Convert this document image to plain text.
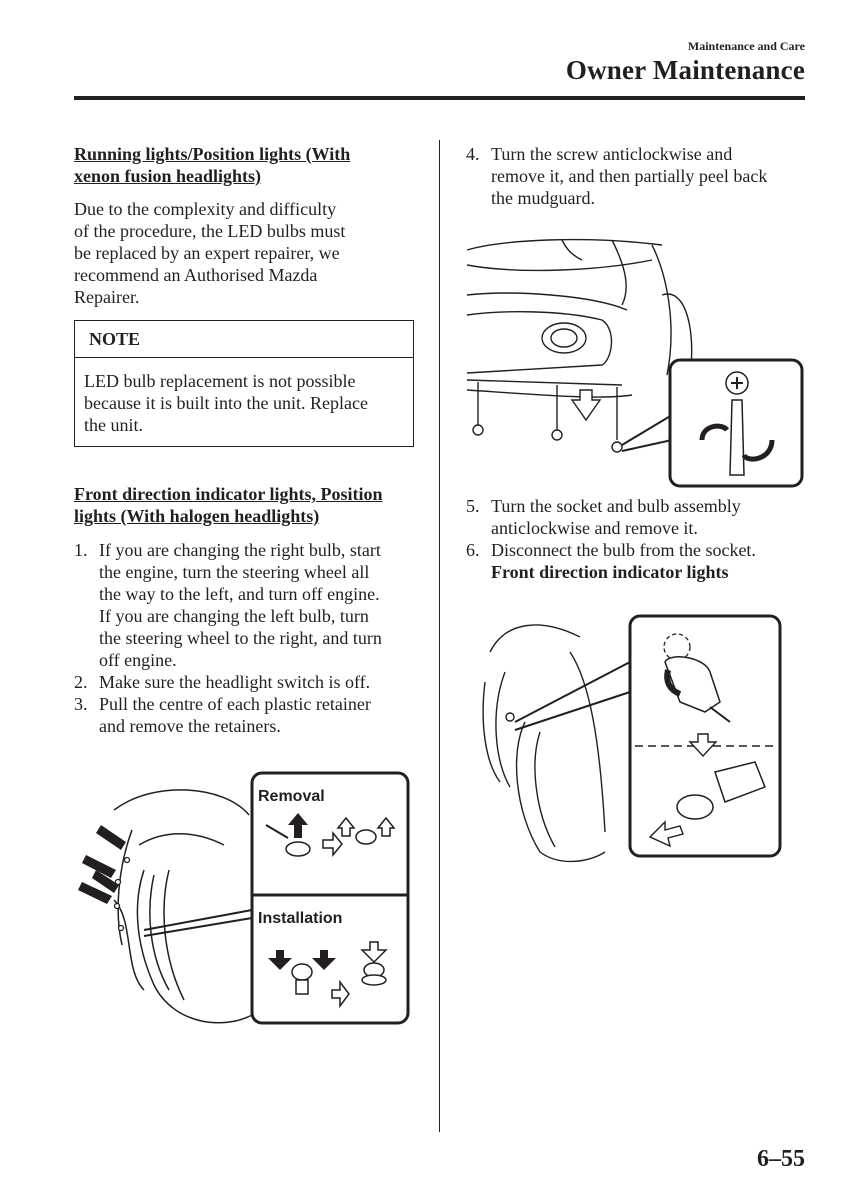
Maintenance and Care
Owner Maintenance
Running lights/Position lights (With
xenon fusion headlights)
Due to the complexity and difficulty
of the procedure, the LED bulbs must
be replaced by an expert repairer, we
recommend an Authorised Mazda
Repairer.
NOTE
LED bulb replacement is not possible
because it is built into the unit. Replace
the unit.
Front direction indicator lights, Position
lights (With halogen headlights)
1. If you are changing the right bulb, start
the engine, turn the steering wheel all
the way to the left, and turn off engine.
If you are changing the left bulb, turn
the steering wheel to the right, and turn
off engine.
2. Make sure the headlight switch is off.
3. Pull the centre of each plastic retainer
and remove the retainers.
Removal
Installation
4. Turn the screw anticlockwise and
remove it, and then partially peel back
the mudguard.
5. Turn the socket and bulb assembly
anticlockwise and remove it.
6. Disconnect the bulb from the socket.
Front direction indicator lights
6–55
